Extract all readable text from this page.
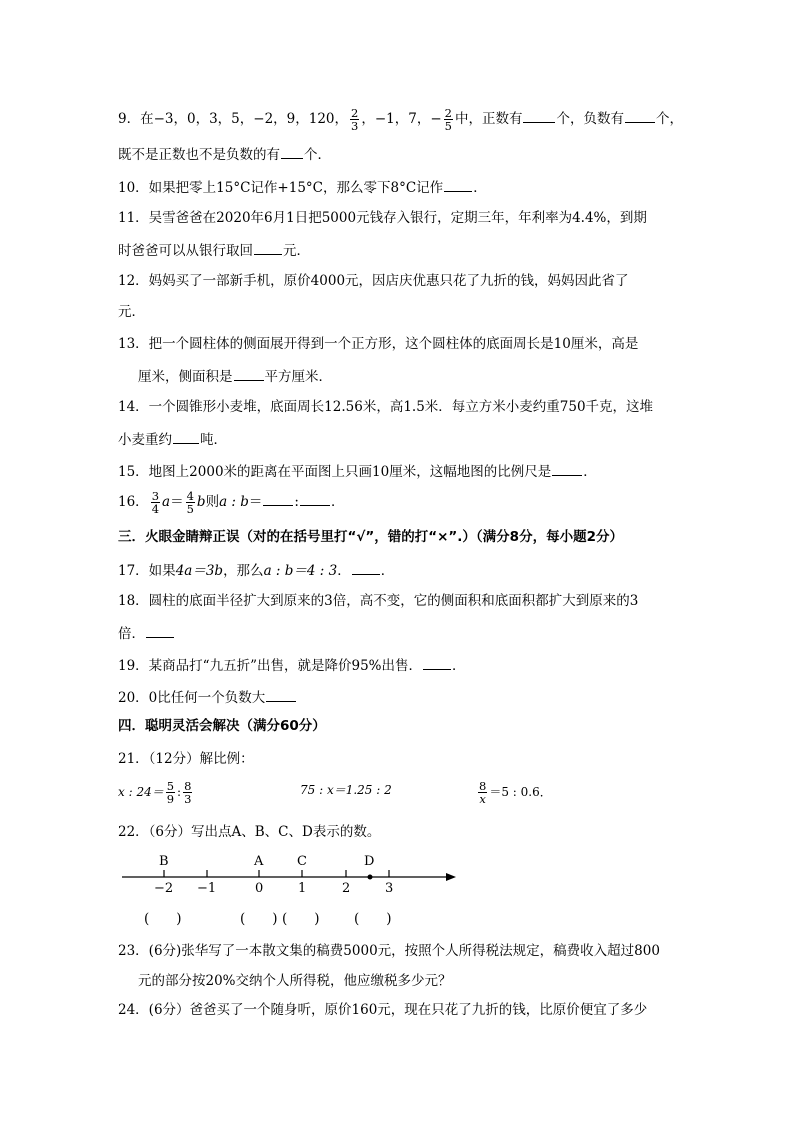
9．在−3，0，3，5，−2，9，120， $\frac{2}{3}$ ，−1，7，− $\frac{2}{5}$ 中，正数有	个，负数有 个，
既不是正数也不是负数的有 个．
10．如果把零上15°C记作+15°C，那么零下8°C记作 ．
11．吴雪爸爸在2020年6月1日把5000元钱存入银行，定期三年，年利率为4.4%，到期
时爸爸可以从银行取回 元．
12．妈妈买了一部新手机，原价4000元，因店庆优惠只花了九折的钱，妈妈因此省了
元．
13．把一个圆柱体的侧面展开得到一个正方形，这个圆柱体的底面周长是10厘米，高是
厘米，侧面积是 平方厘米．
14．一个圆锥形小麦堆，底面周长12.56米，高1.5米．每立方米小麦约重750千克，这堆
小麦重约 吨．
15．地图上2000米的距离在平面图上只画10厘米，这幅地图的比例尺是 ．
16． $\frac{3}{4} a= \frac{4}{5}$ b则a : b＝ : ．
三．火眼金睛辩正误（对的在括号里打“√”，错的打“×”.）（满分8分，每小题2分）
17．如果4a＝3b，那么a : b＝4 : 3． ．
18．圆柱的底面半径扩大到原来的3倍，高不变，它的侧面积和底面积都扩大到原来的3
倍．
19．某商品打“九五折”出售，就是降价95%出售． ．
20．0比任何一个负数大
四．聪明灵活会解决（满分60分）
21．（12分）解比例：
x : $24= \frac{5}{9}$ : $\frac{8}{3}$	75 : x＝1.25 : 2	$\frac{8}{x} =5$ : 0.6．
22．（6分）写出点A、B、C、D表示的数。
B	A	C	D
−2 −1	0	1	2	3
(　　)	(　　) (　　)	(　　)
23．(6分)张华写了一本散文集的稿费5000元，按照个人所得税法规定，稿费收入超过800
元的部分按20%交纳个人所得税，他应缴税多少元？
24．(6分）爸爸买了一个随身听，原价160元，现在只花了九折的钱，比原价便宜了多少
